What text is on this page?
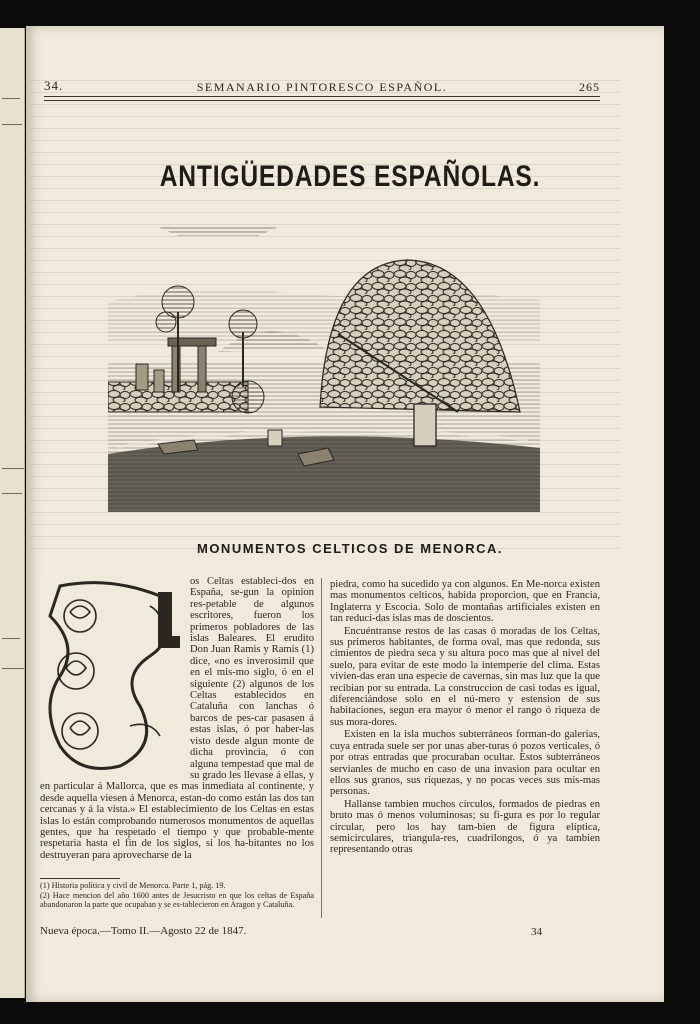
34.	SEMANARIO PINTORESCO ESPAÑOL.	265
ANTIGÜEDADES ESPAÑOLAS.
MONUMENTOS CELTICOS DE MENORCA.

os Celtas estableci-dos en España, se-gun la opinion res-petable de algunos escritores, fueron los primeros pobladores de las islas Baleares. El erudito Don Juan Ramis y Ramis (1) dice, «no es inverosimil que en el mis-mo siglo, ó en el siguiente (2) algunos de los Celtas establecidos en Cataluña con lanchas ó barcos de pes-car pasasen á estas islas, ó por haber-las visto desde algun monte de dicha provincia, ó con alguna tempestad que mal de su grado les llevase á ellas, y en particular á Mallorca, que es mas inmediata al continente, y desde aquella viesen á Menorca, estan-do como están las dos tan cercanas y á la vista.» El establecimiento de los Celtas en estas islas lo están comprobando numerosos monumentos de aquellas gentes, que ha respetado el tiempo y que probable-mente respetaria hasta el fin de los siglos, si los ha-bitantes no los destruyeran para aprovecharse de la

piedra, como ha sucedido ya con algunos. En Me-norca existen mas monumentos celticos, habida proporcion, que en Francia, Inglaterra y Escocia. Solo de montañas artificiales existen en tan reduci-das islas mas de doscientos.

Encuéntranse restos de las casas ó moradas de los Celtas, sus primeros habitantes, de forma oval, mas que redonda, sus cimientos de piedra seca y su altura poco mas que al nivel del suelo, para evitar de este modo la intemperie del clima. Estas vivien-das eran una especie de cavernas, sin mas luz que la que recibian por su entrada. La construccion de casi todas es igual, diferenciándose solo en el nú-mero y estension de sus habitaciones, segun era mayor ó menor el rango ó riqueza de sus mora-dores.

Existen en la isla muchos subterráneos forman-do galerías, cuya entrada suele ser por unas aber-turas ó pozos verticales, ó por otras entradas que procuraban ocultar. Estos subterráneos servianles de mucho en caso de una invasion para ocultar en ellos sus granos, sus riquezas, y no pocas veces sus mis-mas personas.

Hallanse tambien muchos círculos, formados de piedras en bruto mas ó menos voluminosas; su fi-gura es por lo regular circular, pero los hay tam-bien de figura elíptica, semicirculares, triangula-res, cuadrilongos, ó ya tambien representando otras

(1) Historia política y civil de Menorca. Parte 1, pág. 19.

(2) Hace mencion del año 1600 antes de Jesucristo en que los celtas de España abandonaron la parte que ocupaban y se es-tablecieron en Aragon y Cataluña.

Nueva época.—Tomo II.—Agosto 22 de 1847.	34
